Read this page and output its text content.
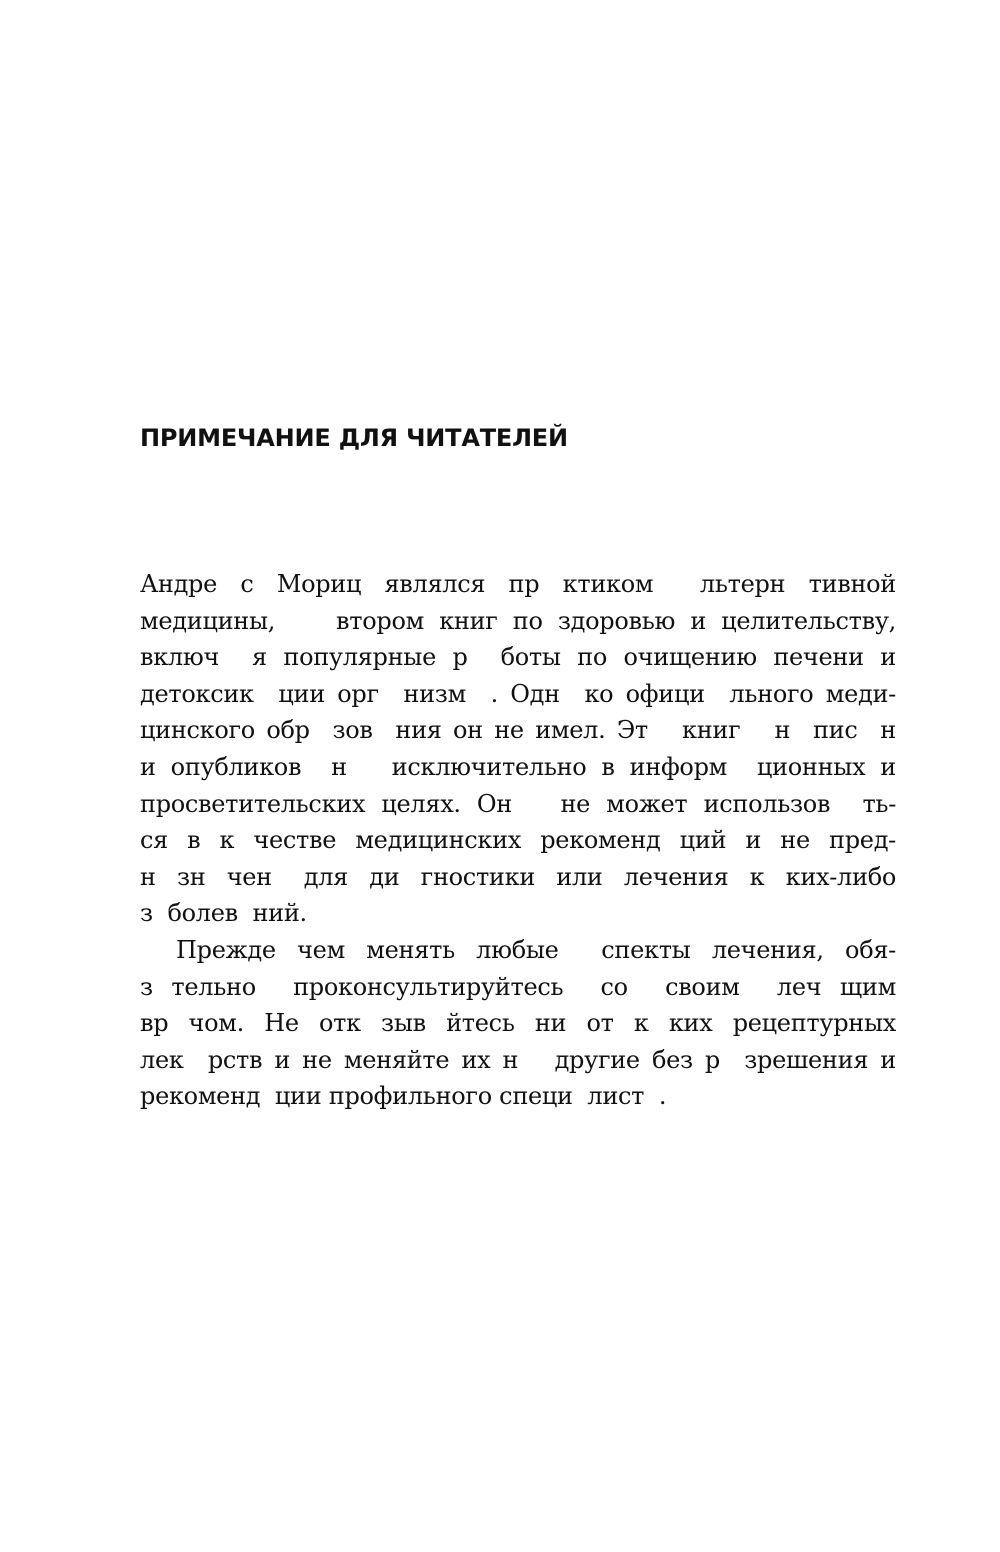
ПРИМЕЧАНИЕ ДЛЯ ЧИТАТЕЛЕЙ
Андре  с  Мориц  являлся  пр  ктиком    льтерн  тивной
медицины,    втором книг по здоровью и целительству,
включ  я популярные р  боты по очищению печени и
детоксик  ции орг  низм  . Одн  ко офици  льного меди-
цинского обр  зов  ния он не имел. Эт   книг   н  пис  н
и опубликов  н   исключительно в информ  ционных и
просветительских целях. Он   не может использов  ть-
ся  в  к  честве  медицинских  рекоменд  ций  и  не  пред-
н  зн  чен   для  ди  гностики  или  лечения  к  ких-либо
з  болев  ний.
Прежде  чем  менять  любые    спекты  лечения,  обя-
з  тельно    проконсультируйтесь    со    своим    леч  щим
вр  чом.  Не  отк  зыв  йтесь  ни  от  к  ких  рецептурных
лек  рств и не меняйте их н   другие без р  зрешения и
рекоменд  ции профильного специ  лист  .
